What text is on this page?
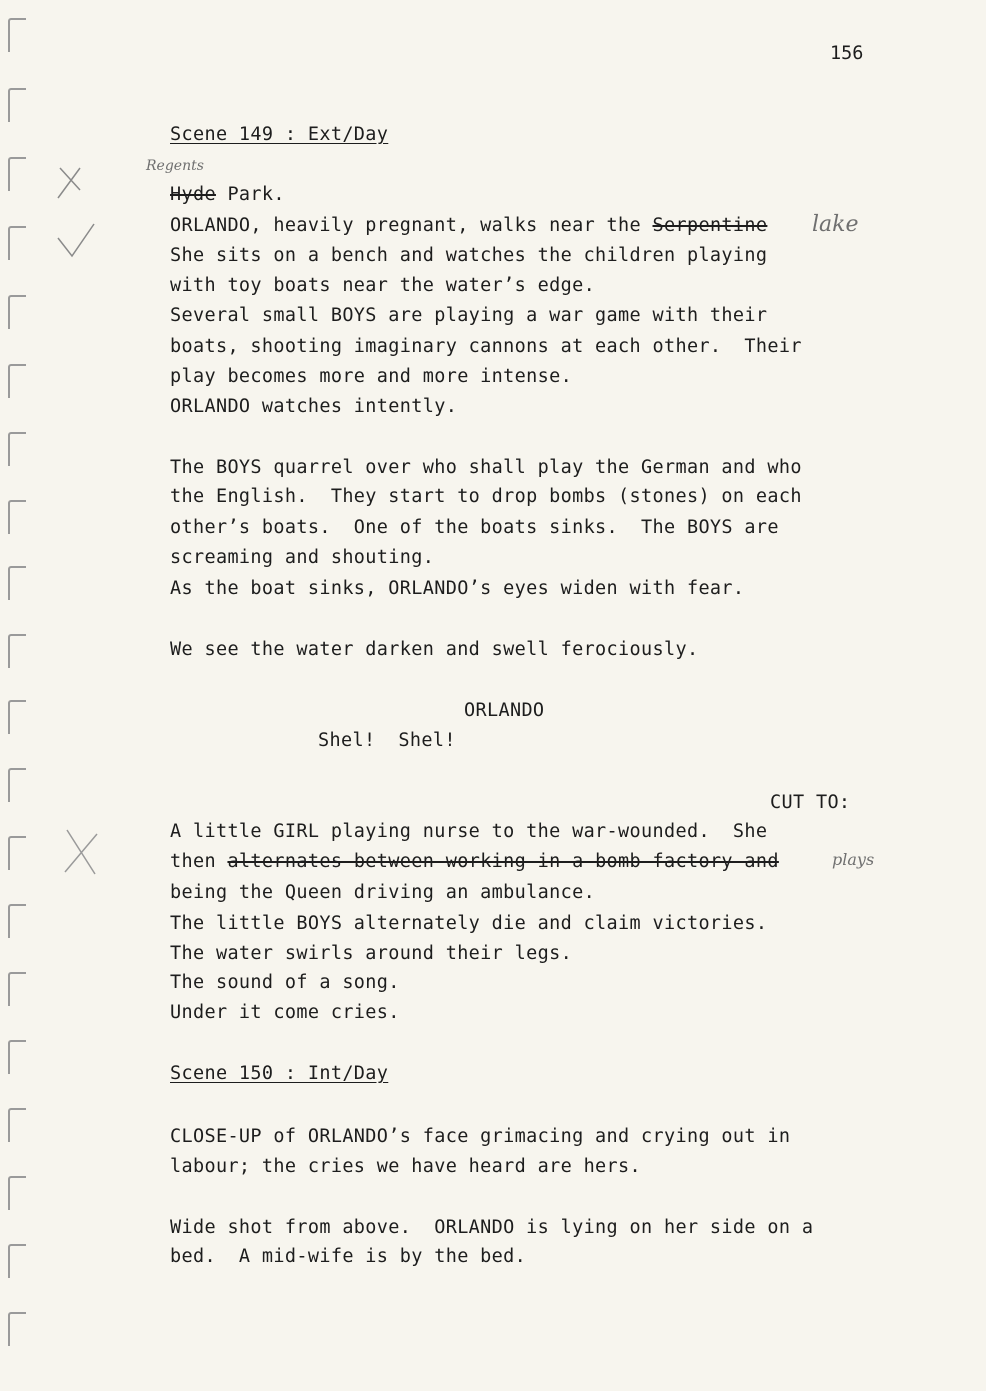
156
Scene 149 : Ext/Day
Regents
Hyde Park.
ORLANDO, heavily pregnant, walks near the Serpentine lake
She sits on a bench and watches the children playing
with toy boats near the water’s edge.
Several small BOYS are playing a war game with their
boats, shooting imaginary cannons at each other.  Their
play becomes more and more intense.
ORLANDO watches intently.
The BOYS quarrel over who shall play the German and who
the English.  They start to drop bombs (stones) on each
other’s boats.  One of the boats sinks.  The BOYS are
screaming and shouting.
As the boat sinks, ORLANDO’s eyes widen with fear.
We see the water darken and swell ferociously.
ORLANDO
Shel!  Shel!
CUT TO:
A little GIRL playing nurse to the war-wounded.  She
then alternates between working in a bomb factory and	plays
being the Queen driving an ambulance.
The little BOYS alternately die and claim victories.
The water swirls around their legs.
The sound of a song.
Under it come cries.
Scene 150 : Int/Day
CLOSE-UP of ORLANDO’s face grimacing and crying out in
labour; the cries we have heard are hers.
Wide shot from above.  ORLANDO is lying on her side on a
bed.  A mid-wife is by the bed.
